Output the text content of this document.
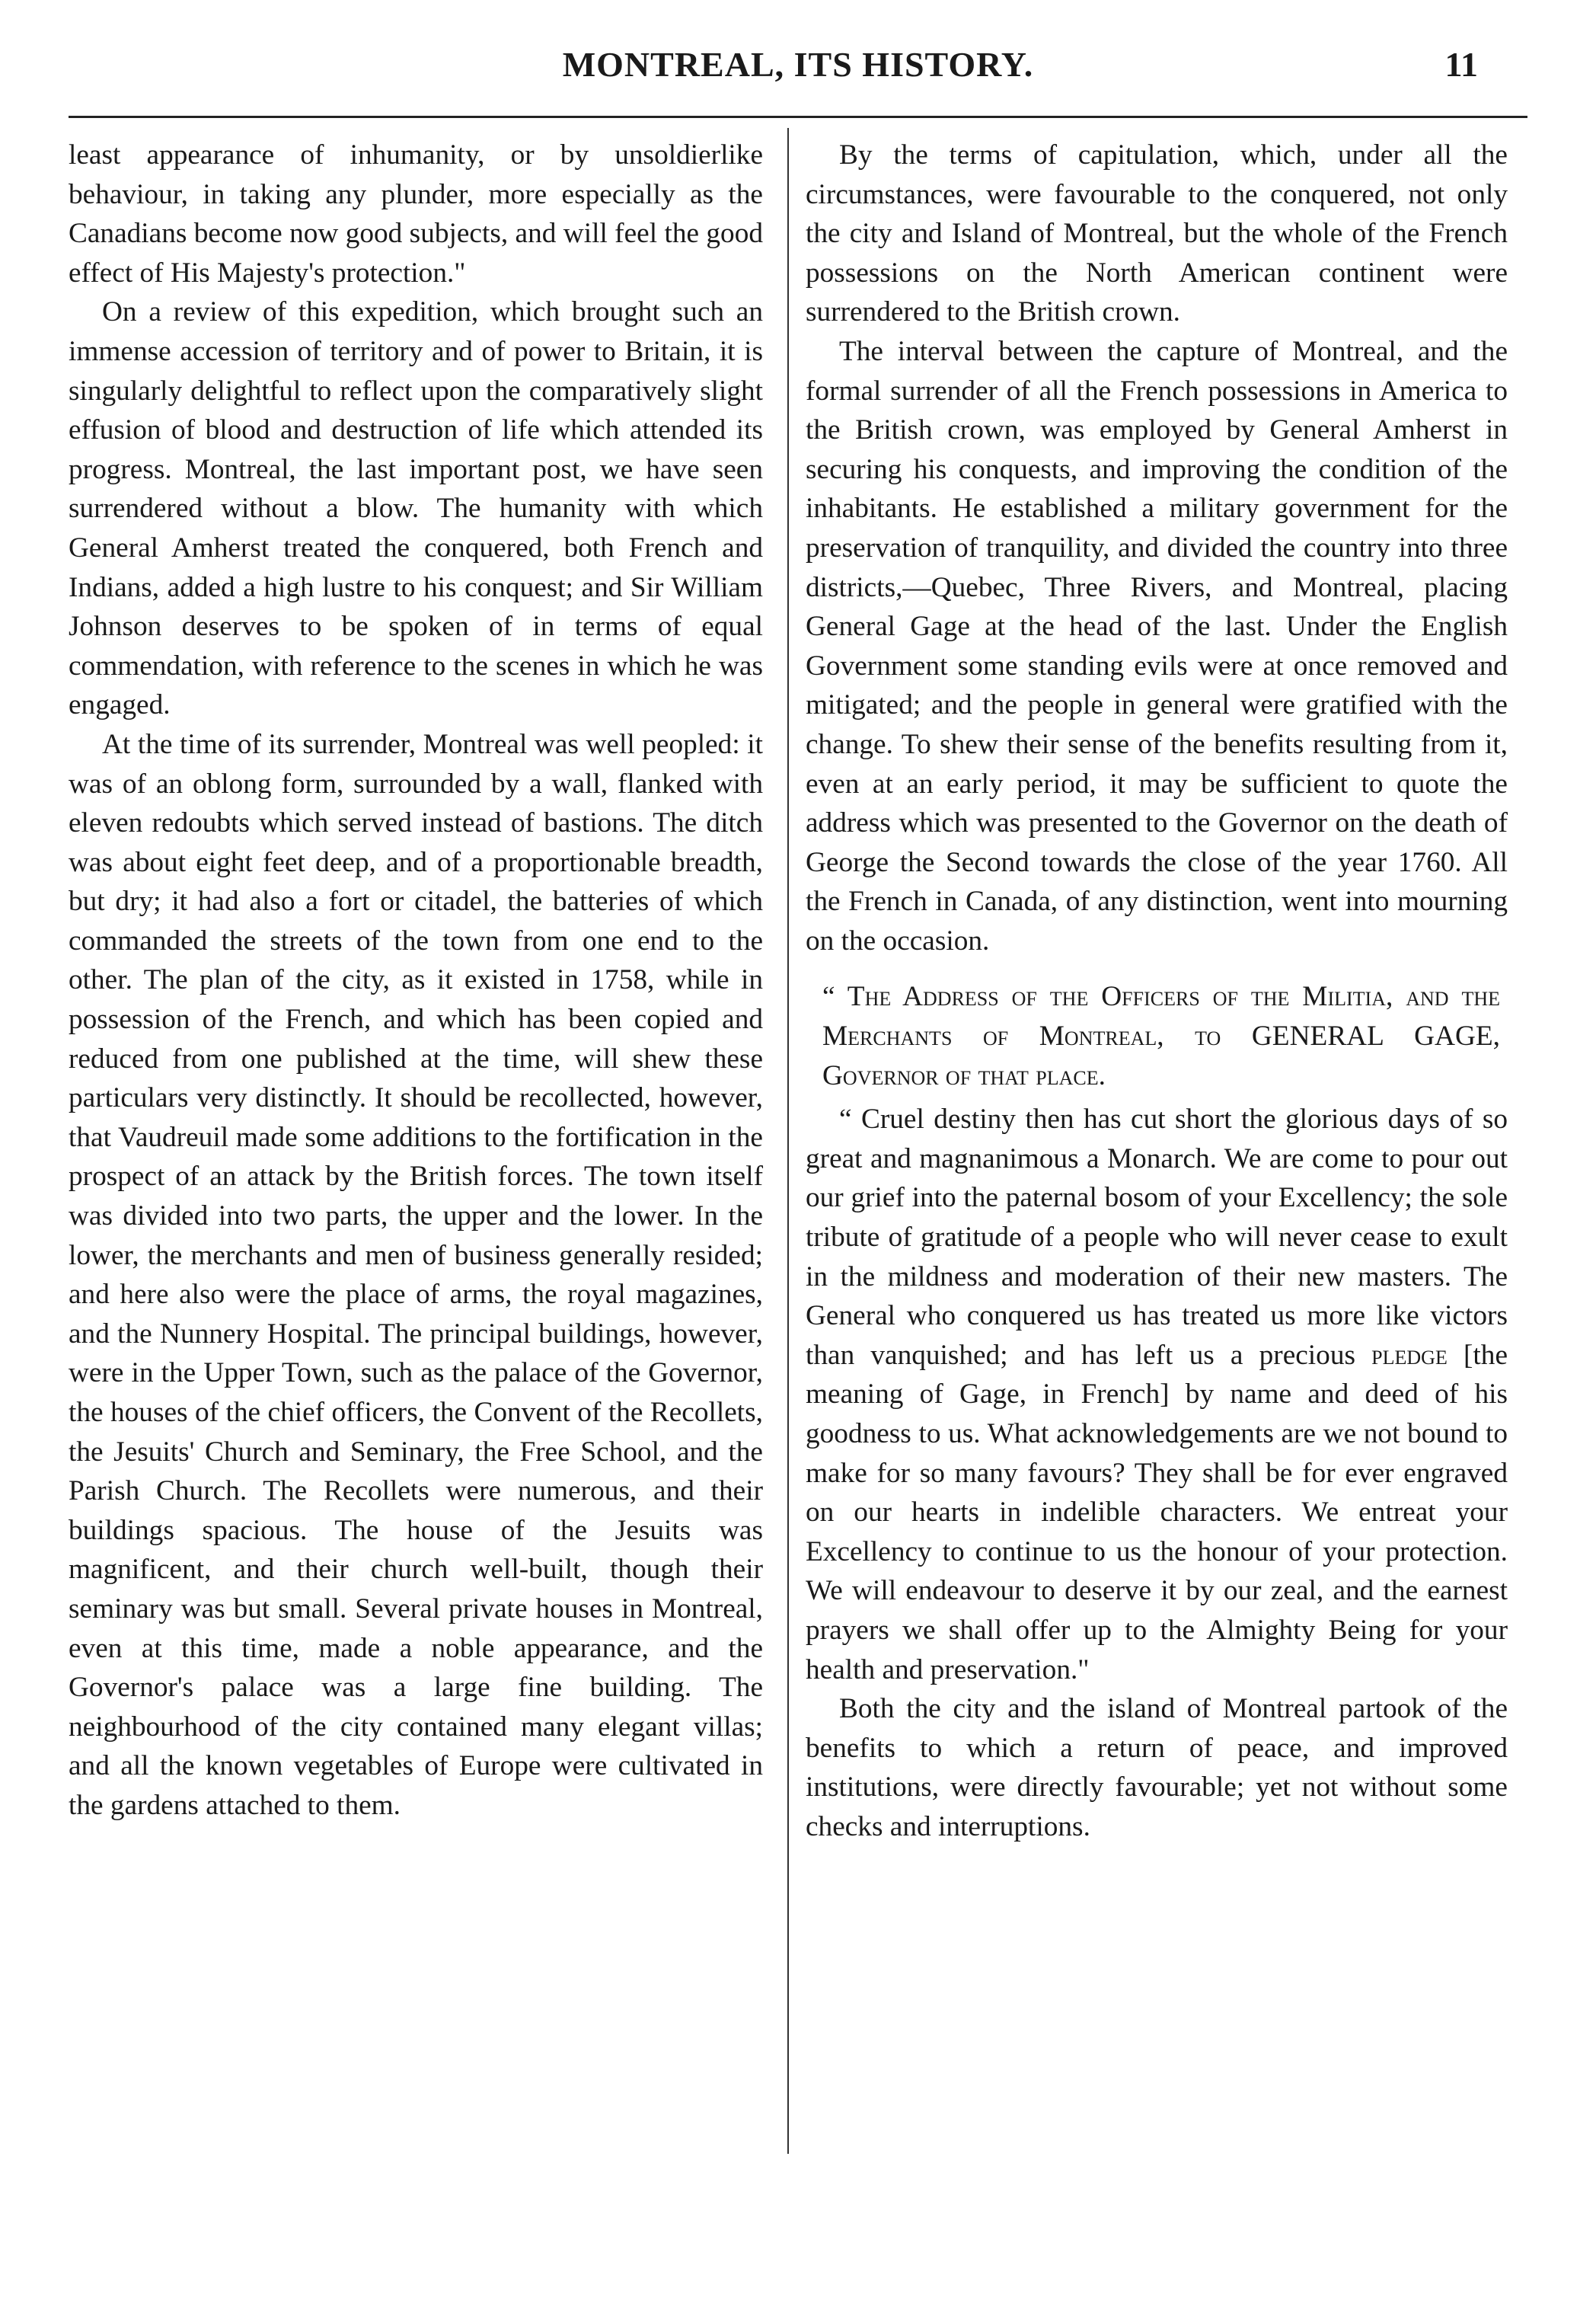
MONTREAL, ITS HISTORY.	11

least appearance of inhumanity, or by unsoldierlike behaviour, in taking any plunder, more especially as the Canadians become now good subjects, and will feel the good effect of His Majesty's protection."

On a review of this expedition, which brought such an immense accession of territory and of power to Britain, it is singularly delightful to reflect upon the comparatively slight effusion of blood and destruction of life which attended its progress. Montreal, the last important post, we have seen surrendered without a blow. The humanity with which General Amherst treated the conquered, both French and Indians, added a high lustre to his conquest; and Sir William Johnson deserves to be spoken of in terms of equal commendation, with reference to the scenes in which he was engaged.

At the time of its surrender, Montreal was well peopled: it was of an oblong form, surrounded by a wall, flanked with eleven redoubts which served instead of bastions. The ditch was about eight feet deep, and of a proportionable breadth, but dry; it had also a fort or citadel, the batteries of which commanded the streets of the town from one end to the other. The plan of the city, as it existed in 1758, while in possession of the French, and which has been copied and reduced from one published at the time, will shew these particulars very distinctly. It should be recollected, however, that Vaudreuil made some additions to the fortification in the prospect of an attack by the British forces. The town itself was divided into two parts, the upper and the lower. In the lower, the merchants and men of business generally resided; and here also were the place of arms, the royal magazines, and the Nunnery Hospital. The principal buildings, however, were in the Upper Town, such as the palace of the Governor, the houses of the chief officers, the Convent of the Recollets, the Jesuits' Church and Seminary, the Free School, and the Parish Church. The Recollets were numerous, and their buildings spacious. The house of the Jesuits was magnificent, and their church well-built, though their seminary was but small. Several private houses in Montreal, even at this time, made a noble appearance, and the Governor's palace was a large fine building. The neighbourhood of the city contained many elegant villas; and all the known vegetables of Europe were cultivated in the gardens attached to them.

By the terms of capitulation, which, under all the circumstances, were favourable to the conquered, not only the city and Island of Montreal, but the whole of the French possessions on the North American continent were surrendered to the British crown.

The interval between the capture of Montreal, and the formal surrender of all the French possessions in America to the British crown, was employed by General Amherst in securing his conquests, and improving the condition of the inhabitants. He established a military government for the preservation of tranquility, and divided the country into three districts,—Quebec, Three Rivers, and Montreal, placing General Gage at the head of the last. Under the English Government some standing evils were at once removed and mitigated; and the people in general were gratified with the change. To shew their sense of the benefits resulting from it, even at an early period, it may be sufficient to quote the address which was presented to the Governor on the death of George the Second towards the close of the year 1760. All the French in Canada, of any distinction, went into mourning on the occasion.

“ The Address of the Officers of the Militia, and the Merchants of Montreal, to GENERAL GAGE, Governor of that place.

“ Cruel destiny then has cut short the glorious days of so great and magnanimous a Monarch. We are come to pour out our grief into the paternal bosom of your Excellency; the sole tribute of gratitude of a people who will never cease to exult in the mildness and moderation of their new masters. The General who conquered us has treated us more like victors than vanquished; and has left us a precious pledge [the meaning of Gage, in French] by name and deed of his goodness to us. What acknowledgements are we not bound to make for so many favours? They shall be for ever engraved on our hearts in indelible characters. We entreat your Excellency to continue to us the honour of your protection. We will endeavour to deserve it by our zeal, and the earnest prayers we shall offer up to the Almighty Being for your health and preservation."

Both the city and the island of Montreal partook of the benefits to which a return of peace, and improved institutions, were directly favourable; yet not without some checks and interruptions.
